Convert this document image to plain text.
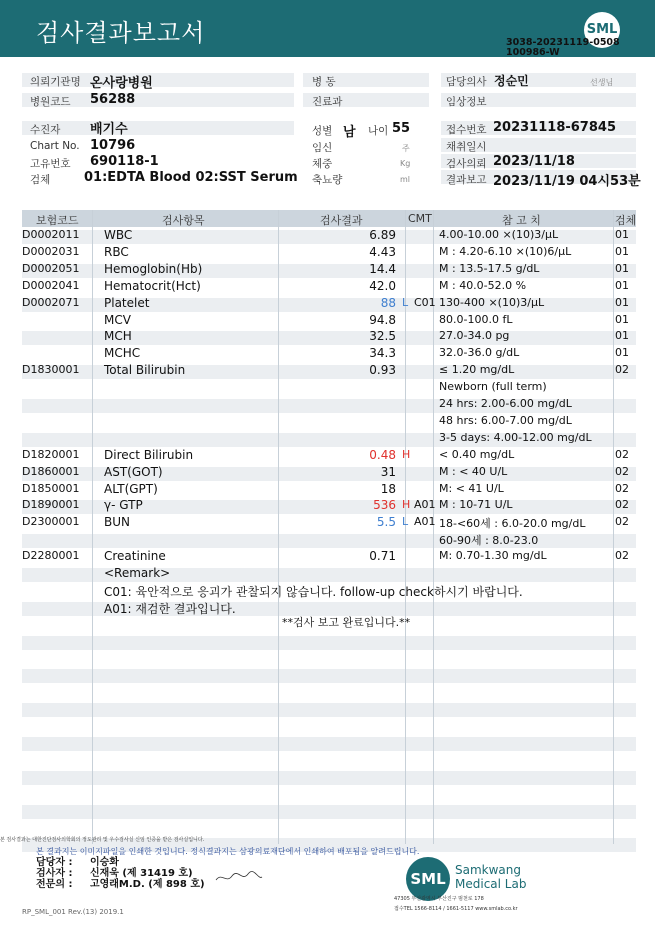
검사결과보고서	SML
3038-20231119-0508
100986-W
의뢰기관명 온사랑병원	병 동	담당의사 정순민	선생님
병원코드 56288	진료과	임상정보
수진자 배기수	성별 남 나이 55	접수번호 20231118-67845
Chart No. 10796	임신	주	채취일시
고유번호 690118-1	체중	Kg	검사의뢰 2023/11/18
검체	01:EDTA Blood 02:SST Serum 축뇨량	ml	결과보고 2023/11/19 04시53분
보험코드	검사항목	검사결과	CMT	참 고 치	검체
D0002011 WBC	6.89	4.00-10.00 ×(10)3/μL	01
D0002031 RBC	4.43	M : 4.20-6.10 ×(10)6/μL	01
D0002051 Hemoglobin(Hb)	14.4	M : 13.5-17.5 g/dL	01
D0002041 Hematocrit(Hct)	42.0	M : 40.0-52.0 %	01
D0002071 Platelet	88 L C01 130-400 ×(10)3/μL	01
MCV	94.8	80.0-100.0 fL	01
MCH	32.5	27.0-34.0 pg	01
MCHC	34.3	32.0-36.0 g/dL	01
D1830001 Total Bilirubin	0.93	≤ 1.20 mg/dL	02
Newborn (full term)
24 hrs: 2.00-6.00 mg/dL
48 hrs: 6.00-7.00 mg/dL
3-5 days: 4.00-12.00 mg/dL
D1820001 Direct Bilirubin	0.48 H	< 0.40 mg/dL	02
D1860001 AST(GOT)	31	M : < 40 U/L	02
D1850001 ALT(GPT)	18	M: < 41 U/L	02
D1890001 γ- GTP	536 H A01 M : 10-71 U/L	02
D2300001 BUN	5.5 L A01 18-<60세 : 6.0-20.0 mg/dL	02
60-90세 : 8.0-23.0
D2280001 Creatinine	0.71	M: 0.70-1.30 mg/dL	02
<Remark>
C01: 육안적으로 응괴가 관찰되지 않습니다. follow-up check하시기 바랍니다.
A01: 재검한 결과입니다.
**검사 보고 완료입니다.**
본 검사결과는 대한진단검사의학회의 정도관리 및 우수검사실 신임 인증을 받은 검사실입니다.
본 결과지는 이미지파일을 인쇄한 것입니다. 정식결과지는 삼광의료재단에서 인쇄하여 배포됨을 알려드립니다.
담당자 : 이승화
검사자 : 신재욱 (제 31419 호)
전문의 : 고영래M.D. (제 898 호)	SML Samkwang
Medical Lab
47305 부산광역시 부산진구 범천로 178
접수TEL 1566-8114 / 1661-5117 www.smlab.co.kr
RP_SML_001 Rev.(13) 2019.1
